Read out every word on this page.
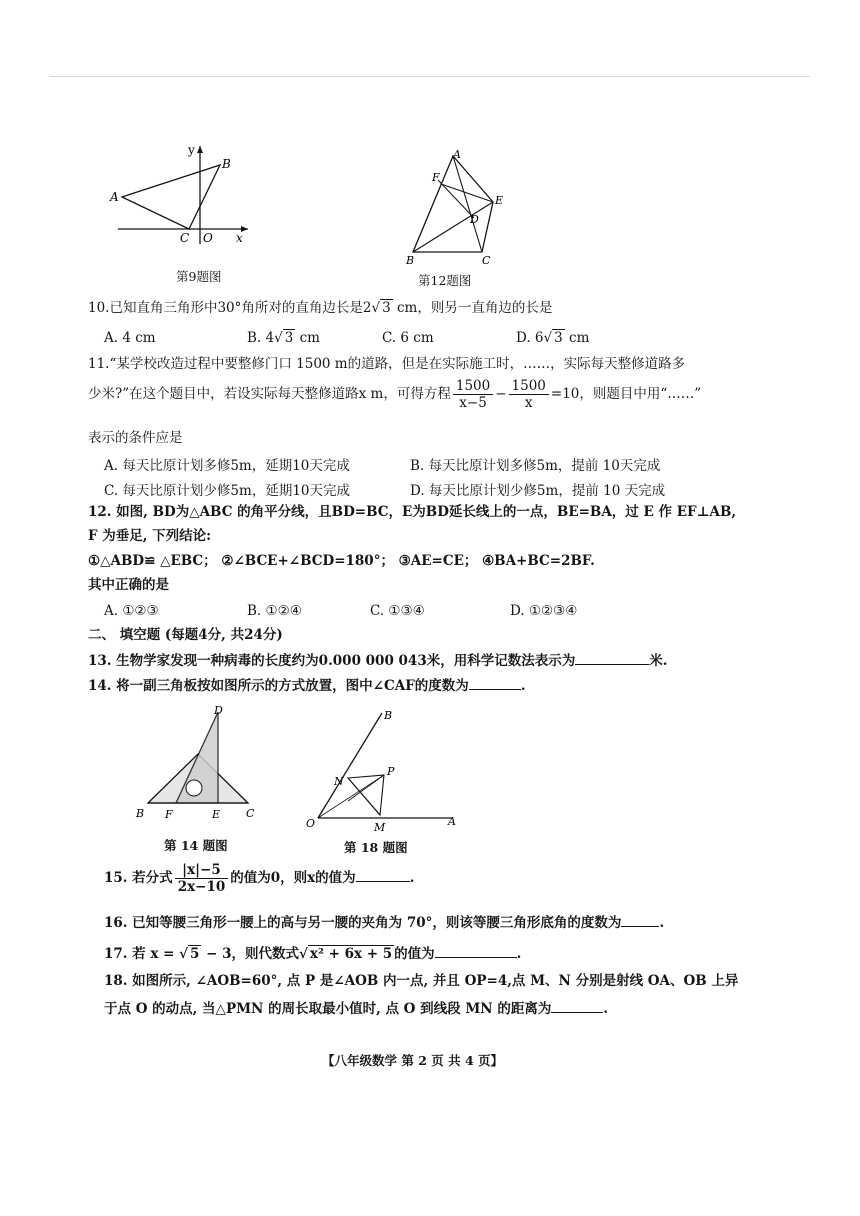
y
B
A
C O x
第9题图
A
F
E
D
B	C
第12题图
10.已知直角三角形中30°角所对的直角边长是2√ 3 cm，则另一直角边的长是
A. 4 cm	B. 4√ 3 cm	C. 6 cm	D. 6√ 3 cm
11.“某学校改造过程中要整修门口 1500 m的道路，但是在实际施工时，……，实际每天整修道路多
少米?”在这个题目中，若设实际每天整修道路x m，可得方程 $\frac{1500}{x-5} - \frac{1500}{x} =10$，则题目中用“……”
表示的条件应是
A. 每天比原计划多修5m，延期10天完成	B. 每天比原计划多修5m，提前 10天完成
C. 每天比原计划少修5m，延期10天完成	D. 每天比原计划少修5m，提前 10 天完成
12. 如图, BD为△ABC 的角平分线，且BD=BC，E为BD延长线上的一点，BE=BA，过 E 作 EF⊥AB,
F 为垂足, 下列结论:
①△ABD≌ △EBC； ②∠BCE+∠BCD=180°； ③AE=CE； ④BA+BC=2BF.
其中正确的是
A. ①②③	B. ①②④	C. ①③④	D. ①②③④
二、 填空题 (每题4分, 共24分)
13. 生物学家发现一种病毒的长度约为0.000 000 043米，用科学记数法表示为	米.
14. 将一副三角板按如图所示的方式放置，图中∠CAF的度数为	.
D
B F	E C
第 14 题图
B
N
P
O	M	A
第 18 题图
15. 若分式 $\frac{|x|-5}{2x-10}$ 的值为0，则x的值为	.
16. 已知等腰三角形一腰上的高与另一腰的夹角为 70°，则该等腰三角形底角的度数为	.
17. 若 x = √ 5 − 3，则代数式√ x² + 6x + 5 的值为	.
18. 如图所示, ∠AOB=60°, 点 P 是∠AOB 内一点, 并且 OP=4,点 M、N 分别是射线 OA、OB 上异
于点 O 的动点, 当△PMN 的周长取最小值时, 点 O 到线段 MN 的距离为	.
【八年级数学 第 2 页 共 4 页】
